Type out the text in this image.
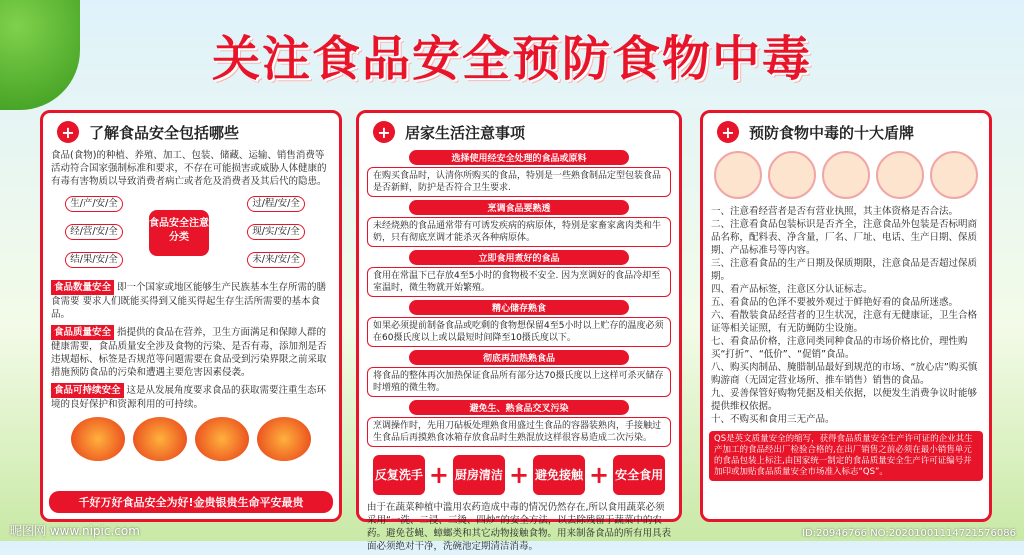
关注食品安全预防食物中毒
+ 了解食品安全包括哪些
食品(食物)的种植、养殖、加工、包装、储藏、运输、销售消费等活动符合国家强制标准和要求，不存在可能损害或威胁人体健康的有毒有害物质以导致消费者病亡或者危及消费者及其后代的隐患。
生/产/安/全
经/营/安/全
结/果/安/全
食品安全注意分类
过/程/安/全
现/实/安/全
未/来/安/全
食品数量安全 即一个国家或地区能够生产民族基本生存所需的膳食需要 要求人们既能买得到又能买得起生存生活所需要的基本食品。
食品质量安全 指提供的食品在营养，卫生方面满足和保障人群的健康需要，食品质量安全涉及食物的污染、是否有毒，添加剂是否违规超标、标签是否规范等问题需要在食品受到污染界限之前采取措施预防食品的污染和遭遇主要危害因素侵袭。
食品可持续安全 这是从发展角度要求食品的获取需要注重生态环境的良好保护和资源利用的可持续。
千好万好食品安全为好!金贵银贵生命平安最贵
+ 居家生活注意事项
选择使用经安全处理的食品或原料
在购买食品时，认清你所购买的食品，特别是一些熟食制品定型包装食品是否新鲜，防护是否符合卫生要求.
烹调食品要熟透
未经烧熟的食品通常带有可诱发疾病的病原体，特别是家畜家禽肉类和牛奶，只有彻底烹调才能杀灭各种病原体。
立即食用煮好的食品
食用在常温下已存放4至5小时的食物极不安全. 因为烹调好的食品冷却至室温时，微生物就开始繁殖。
精心储存熟食
如果必须提前制备食品或吃剩的食物想保留4至5小时以上贮存的温度必须在60摄氏度以上或以最短时间降至10摄氏度以下。
彻底再加热熟食品
将食品的整体再次加热保证食品所有部分达70摄氏度以上这样可杀灭储存时增殖的微生物。
避免生、熟食品交叉污染
烹调操作时，先用刀砧板处理熟食用盛过生食品的容器装熟肉，手接触过生食品后再摸熟食冰箱存放食品时生熟混放这样很容易造成二次污染。
反复洗手 + 厨房清洁 + 避免接触 + 安全食用
由于在蔬菜种植中滥用农药造成中毒的情况仍然存在,所以食用蔬菜必须采用“一洗、二浸、三烫、四炒”的安全方法，以去除残留于蔬菜中的农药。避免苍蝇、蟑螂类和其它动物接触食物。用来制备食品的所有用具表面必须绝对干净，洗碗池定期清洁消毒。
+ 预防食物中毒的十大盾牌
一、注意看经营者是否有营业执照，其主体资格是否合法。
二、注意看食品包装标识是否齐全，注意食品外包装是否标明商品名称，配料表、净含量，厂名、厂址、电话、生产日期、保质期、产品标准号等内容。
三、注意看食品的生产日期及保质期限，注意食品是否超过保质期。
四、看产品标签，注意区分认证标志。
五、看食品的色泽不要被外观过于鲜艳好看的食品所迷惑。
六、看散装食品经营者的卫生状况，注意有无健康证，卫生合格证等相关证照，有无防蝇防尘设施。
七、看食品价格，注意同类同种食品的市场价格比价，理性购买“打折”、“低价”、“促销”食品。
八、购买肉制品、腌腊制品最好到规范的市场、“放心店”购买慎购游商（无固定营业场所、推车销售）销售的食品。
九、妥善保管好购物凭据及相关依据，以便发生消费争议时能够提供维权依据。
十、不购买和食用三无产品。
QS是英文质量安全的缩写，获得食品质量安全生产许可证的企业其生产加工的食品经出厂检验合格的,在出厂销售之前必须在最小销售单元的食品包装上标注,由国家统一制定的食品质量安全生产许可证编号并加印或加贴食品质量安全市场准入标志“QS”。
昵图网 www.nipic.com	ID:20946766 NO:20201001114721576086
